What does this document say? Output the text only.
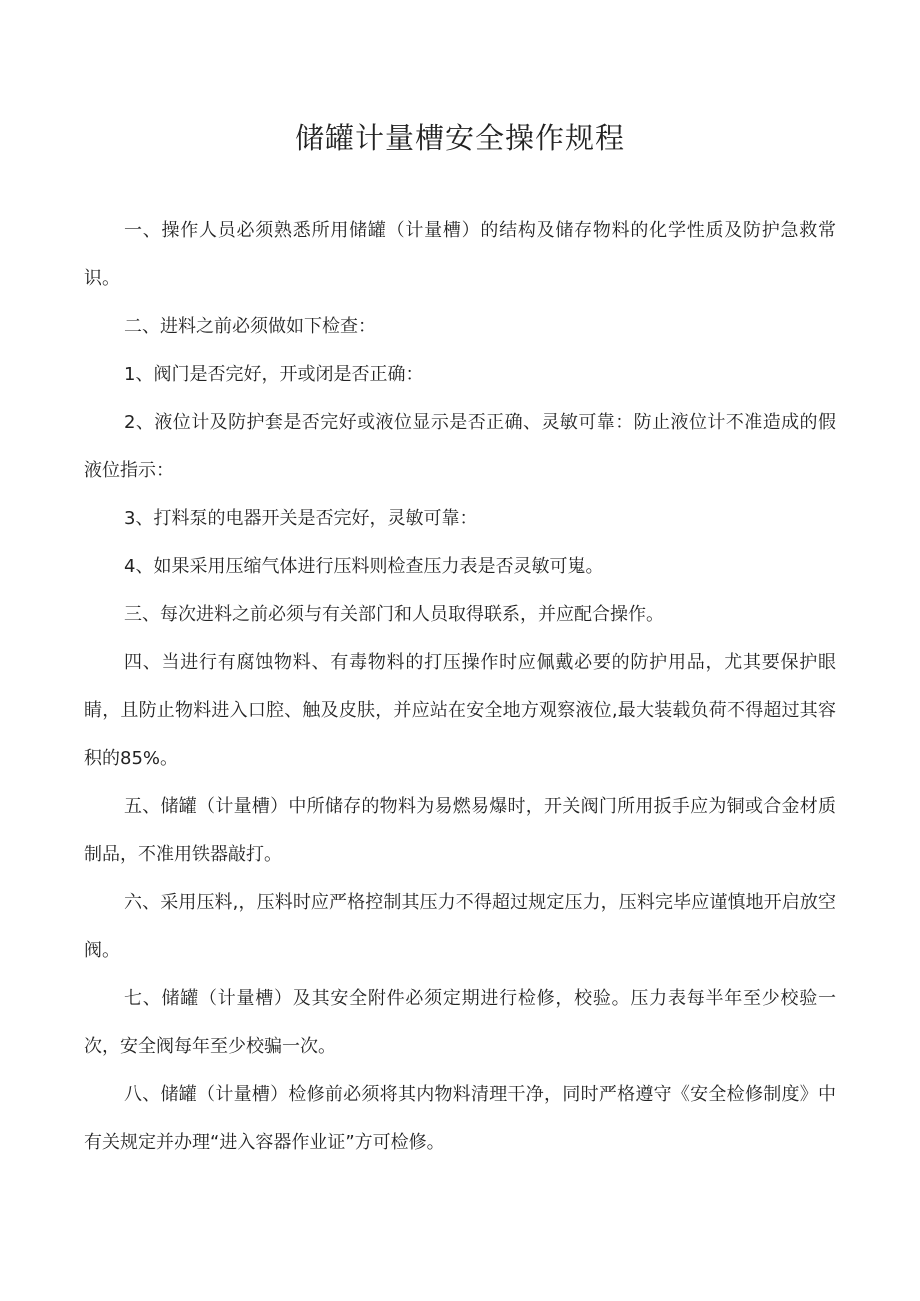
储罐计量槽安全操作规程

一、操作人员必须熟悉所用储罐（计量槽）的结构及储存物料的化学性质及防护急救常识。

二、进料之前必须做如下检查：

1、阀门是否完好，开或闭是否正确：

2、液位计及防护套是否完好或液位显示是否正确、灵敏可靠：防止液位计不准造成的假液位指示：

3、打料泵的电器开关是否完好，灵敏可靠：

4、如果采用压缩气体进行压料则检查压力表是否灵敏可嵬。

三、每次进料之前必须与有关部门和人员取得联系，并应配合操作。

四、当进行有腐蚀物料、有毒物料的打压操作时应佩戴必要的防护用品，尤其要保护眼睛，且防止物料进入口腔、触及皮肤，并应站在安全地方观察液位,最大装载负荷不得超过其容积的85%。

五、储罐（计量槽）中所储存的物料为易燃易爆时，开关阀门所用扳手应为铜或合金材质制品，不准用铁器敲打。

六、采用压料,，压料时应严格控制其压力不得超过规定压力，压料完毕应谨慎地开启放空阀。

七、储罐（计量槽）及其安全附件必须定期进行检修，校验。压力表每半年至少校验一次，安全阀每年至少校骗一次。

八、储罐（计量槽）检修前必须将其内物料清理干净，同时严格遵守《安全检修制度》中有关规定并办理“进入容器作业证”方可检修。
